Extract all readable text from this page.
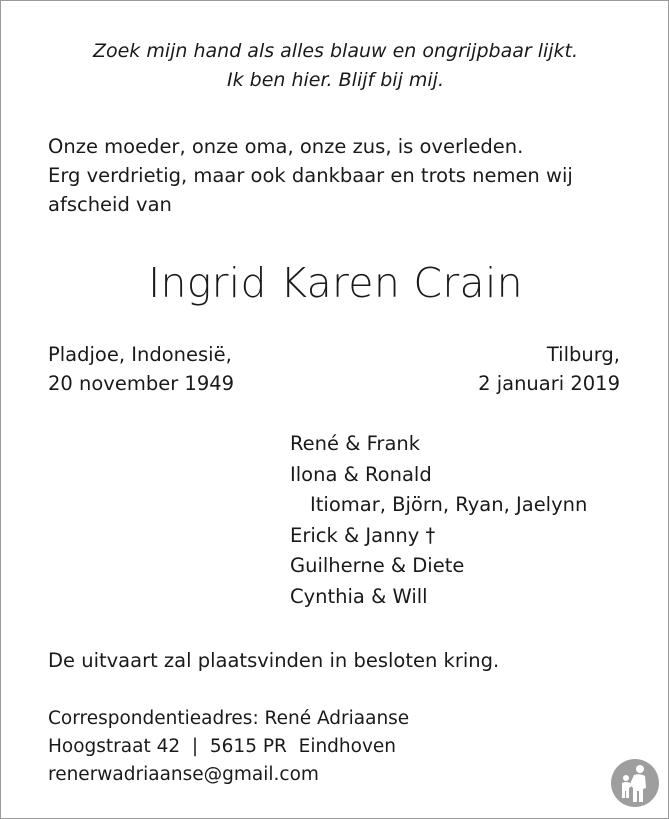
Zoek mijn hand als alles blauw en ongrijpbaar lijkt.
Ik ben hier. Blijf bij mij.
Onze moeder, onze oma, onze zus, is overleden.
Erg verdrietig, maar ook dankbaar en trots nemen wij
afscheid van
Ingrid Karen Crain
Pladjoe, Indonesië,
20 november 1949
Tilburg,
2 januari 2019
René & Frank
Ilona & Ronald
Itiomar, Björn, Ryan, Jaelynn
Erick & Janny †
Guilherne & Diete
Cynthia & Will
De uitvaart zal plaatsvinden in besloten kring.
Correspondentieadres: René Adriaanse
Hoogstraat 42  |  5615 PR  Eindhoven
renerwadriaanse@gmail.com
